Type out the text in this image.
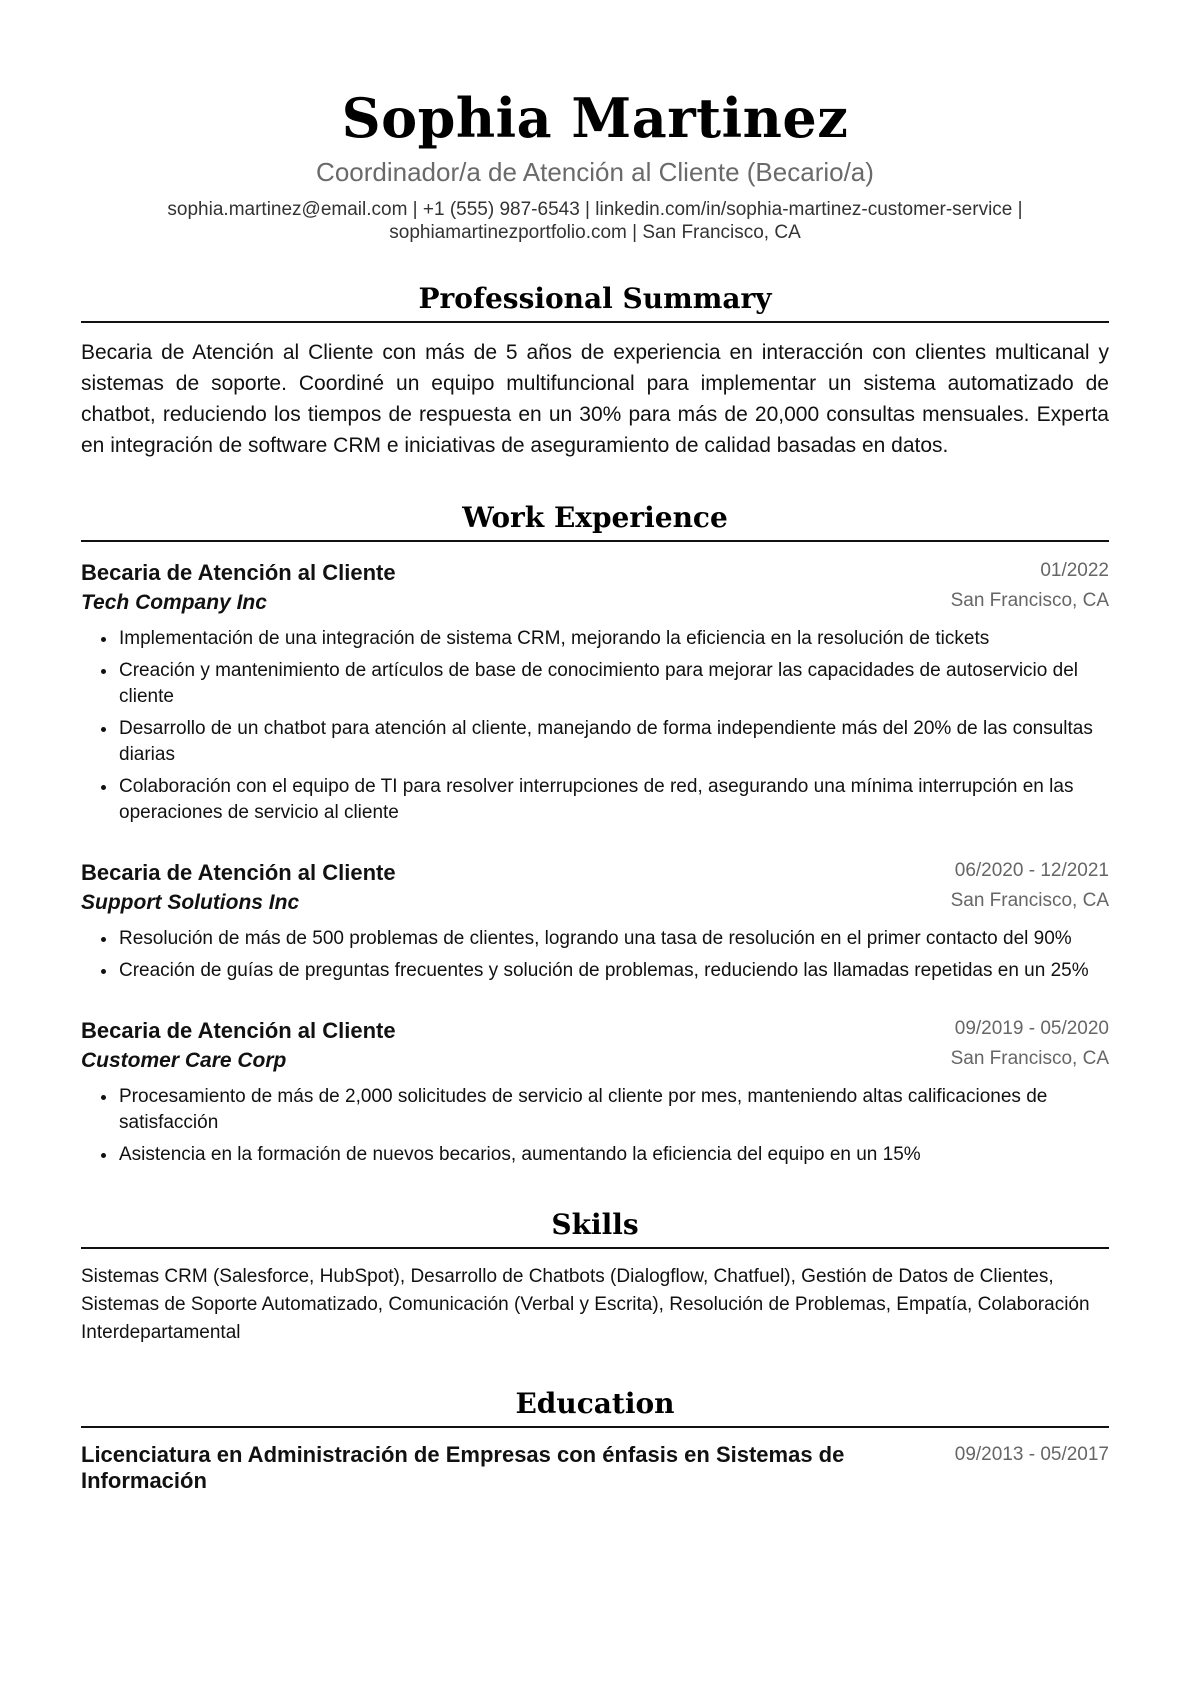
Sophia Martinez
Coordinador/a de Atención al Cliente (Becario/a)
sophia.martinez@email.com | +1 (555) 987-6543 | linkedin.com/in/sophia-martinez-customer-service |
sophiamartinezportfolio.com | San Francisco, CA
Professional Summary

Becaria de Atención al Cliente con más de 5 años de experiencia en interacción con clientes multicanal y sistemas de soporte. Coordiné un equipo multifuncional para implementar un sistema automatizado de chatbot, reduciendo los tiempos de respuesta en un 30% para más de 20,000 consultas mensuales. Experta en integración de software CRM e iniciativas de aseguramiento de calidad basadas en datos.

Work Experience
Becaria de Atención al Cliente	01/2022
Tech Company Inc	San Francisco, CA
• Implementación de una integración de sistema CRM, mejorando la eficiencia en la resolución de tickets
• Creación y mantenimiento de artículos de base de conocimiento para mejorar las capacidades de autoservicio del cliente
• Desarrollo de un chatbot para atención al cliente, manejando de forma independiente más del 20% de las consultas diarias
• Colaboración con el equipo de TI para resolver interrupciones de red, asegurando una mínima interrupción en las operaciones de servicio al cliente
Becaria de Atención al Cliente	06/2020 - 12/2021
Support Solutions Inc	San Francisco, CA
• Resolución de más de 500 problemas de clientes, logrando una tasa de resolución en el primer contacto del 90%
• Creación de guías de preguntas frecuentes y solución de problemas, reduciendo las llamadas repetidas en un 25%
Becaria de Atención al Cliente	09/2019 - 05/2020
Customer Care Corp	San Francisco, CA
• Procesamiento de más de 2,000 solicitudes de servicio al cliente por mes, manteniendo altas calificaciones de satisfacción
• Asistencia en la formación de nuevos becarios, aumentando la eficiencia del equipo en un 15%
Skills

Sistemas CRM (Salesforce, HubSpot), Desarrollo de Chatbots (Dialogflow, Chatfuel), Gestión de Datos de Clientes, Sistemas de Soporte Automatizado, Comunicación (Verbal y Escrita), Resolución de Problemas, Empatía, Colaboración Interdepartamental

Education
Licenciatura en Administración de Empresas con énfasis en Sistemas de Información
09/2013 - 05/2017
